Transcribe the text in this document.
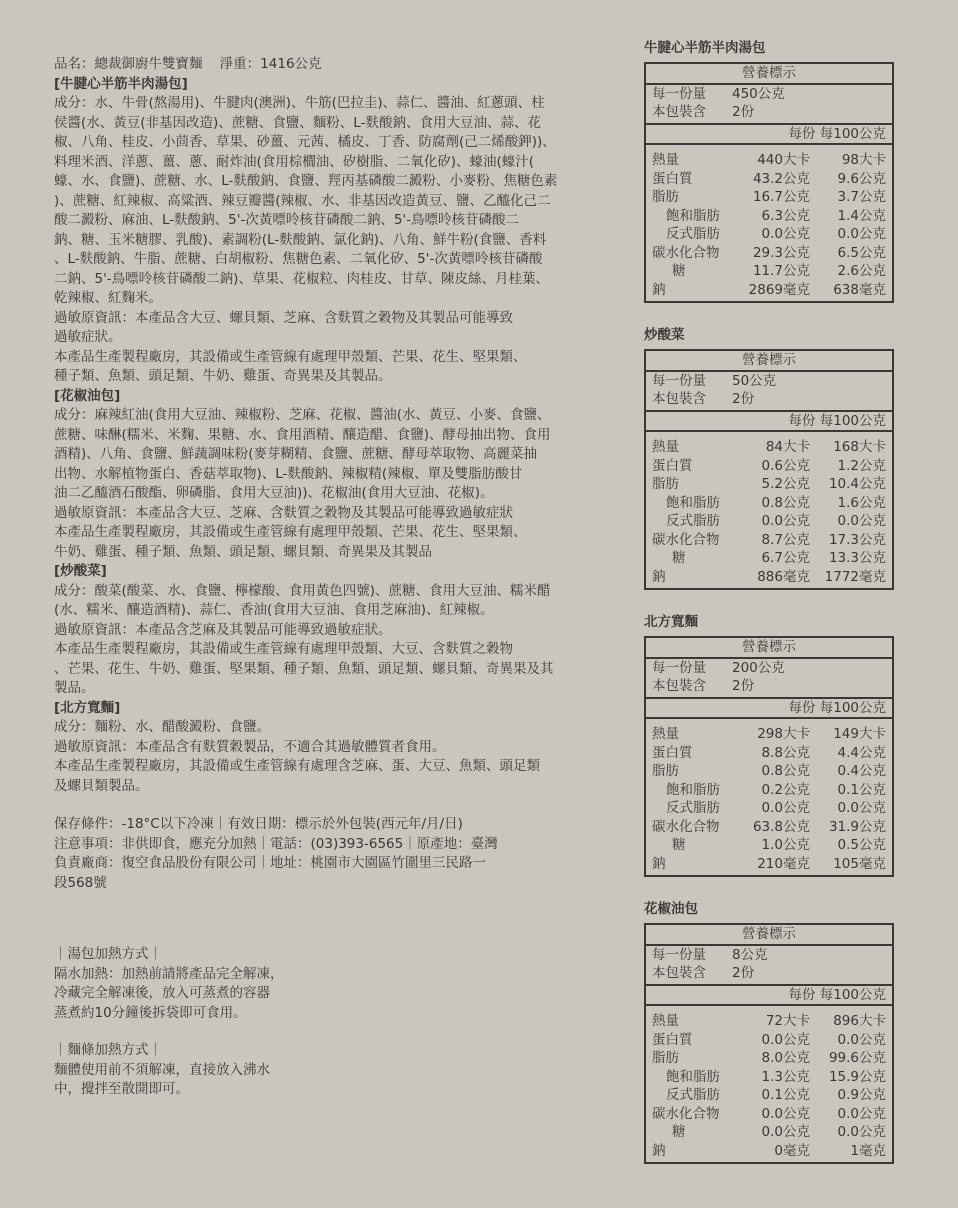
品名：總裁御廚牛雙寶麵 淨重：1416公克

[牛腱心半筋半肉湯包]

成分：水、牛骨(熬湯用)、牛腱肉(澳洲)、牛筋(巴拉圭)、蒜仁、醬油、紅蔥頭、柱

侯醬(水、黃豆(非基因改造)、蔗糖、食鹽、麵粉、L-麩酸鈉、食用大豆油、蒜、花

椒、八角、桂皮、小茴香、草果、砂薑、元茜、橘皮、丁香、防腐劑(己二烯酸鉀))、

料理米酒、洋蔥、薑、蔥、耐炸油(食用棕櫚油、矽樹脂、二氧化矽)、蠔油(蠔汁(

蠔、水、食鹽)、蔗糖、水、L-麩酸鈉、食鹽、羥丙基磷酸二澱粉、小麥粉、焦糖色素

)、蔗糖、紅辣椒、高粱酒、辣豆瓣醬(辣椒、水、非基因改造黃豆、鹽、乙醯化己二

酸二澱粉、麻油、L-麩酸鈉、5'-次黃嘌呤核苷磷酸二鈉、5'-鳥嘌呤核苷磷酸二

鈉、糖、玉米糖膠、乳酸)、素調粉(L-麩酸鈉、氯化鈉)、八角、鮮牛粉(食鹽、香料

、L-麩酸鈉、牛脂、蔗糖、白胡椒粉、焦糖色素、二氧化矽、5'-次黃嘌呤核苷磷酸

二鈉、5'-鳥嘌呤核苷磷酸二鈉)、草果、花椒粒、肉桂皮、甘草、陳皮絲、月桂葉、

乾辣椒、紅麴米。

過敏原資訊：本產品含大豆、螺貝類、芝麻、含麩質之穀物及其製品可能導致

過敏症狀。

本產品生產製程廠房，其設備或生產管線有處理甲殼類、芒果、花生、堅果類、

種子類、魚類、頭足類、牛奶、雞蛋、奇異果及其製品。

[花椒油包]

成分：麻辣紅油(食用大豆油、辣椒粉、芝麻、花椒、醬油(水、黃豆、小麥、食鹽、

蔗糖、味醂(糯米、米麴、果糖、水、食用酒精、釀造醋、食鹽)、酵母抽出物、食用

酒精)、八角、食鹽、鮮蔬調味粉(麥芽糊精、食鹽、蔗糖、酵母萃取物、高麗菜抽

出物、水解植物蛋白、香菇萃取物)、L-麩酸鈉、辣椒精(辣椒、單及雙脂肪酸甘

油二乙醯酒石酸酯、卵磷脂、食用大豆油))、花椒油(食用大豆油、花椒)。

過敏原資訊：本產品含大豆、芝麻、含麩質之穀物及其製品可能導致過敏症狀

本產品生產製程廠房，其設備或生產管線有處理甲殼類、芒果、花生、堅果類、

牛奶、雞蛋、種子類、魚類、頭足類、螺貝類、奇異果及其製品

[炒酸菜]

成分：酸菜(酸菜、水、食鹽、檸檬酸、食用黃色四號)、蔗糖、食用大豆油、糯米醋

(水、糯米、釀造酒精)、蒜仁、香油(食用大豆油、食用芝麻油)、紅辣椒。

過敏原資訊：本產品含芝麻及其製品可能導致過敏症狀。

本產品生產製程廠房，其設備或生產管線有處理甲殼類、大豆、含麩質之穀物

、芒果、花生、牛奶、雞蛋、堅果類、種子類、魚類、頭足類、螺貝類、奇異果及其

製品。

[北方寬麵]

成分：麵粉、水、醋酸澱粉、食鹽。

過敏原資訊：本產品含有麩質穀製品，不適合其過敏體質者食用。

本產品生產製程廠房，其設備或生產管線有處理含芝麻、蛋、大豆、魚類、頭足類

及螺貝類製品。

保存條件：-18°C以下冷凍｜有效日期：標示於外包裝(西元年/月/日)

注意事項：非供即食，應充分加熱｜電話：(03)393-6565｜原產地：臺灣

負責廠商：復空食品股份有限公司｜地址：桃園市大園區竹圍里三民路一

段568號

｜湯包加熱方式｜

隔水加熱：加熱前請將產品完全解凍，

冷藏完全解凍後，放入可蒸煮的容器

蒸煮約10分鐘後拆袋即可食用。

｜麵條加熱方式｜

麵體使用前不須解凍，直接放入沸水

中，攪拌至散開即可。

牛腱心半筋半肉湯包
營養標示
每一份量	450公克
本包裝含	2份
每份 每100公克
熱量	440大卡	98大卡
蛋白質	43.2公克	9.6公克
脂肪	16.7公克	3.7公克
飽和脂肪	6.3公克	1.4公克
反式脂肪	0.0公克	0.0公克
碳水化合物	29.3公克	6.5公克
糖	11.7公克	2.6公克
鈉	2869毫克	638毫克
炒酸菜
營養標示
每一份量	50公克
本包裝含	2份
每份 每100公克
熱量	84大卡	168大卡
蛋白質	0.6公克	1.2公克
脂肪	5.2公克	10.4公克
飽和脂肪	0.8公克	1.6公克
反式脂肪	0.0公克	0.0公克
碳水化合物	8.7公克	17.3公克
糖	6.7公克	13.3公克
鈉	886毫克	1772毫克
北方寬麵
營養標示
每一份量	200公克
本包裝含	2份
每份 每100公克
熱量	298大卡	149大卡
蛋白質	8.8公克	4.4公克
脂肪	0.8公克	0.4公克
飽和脂肪	0.2公克	0.1公克
反式脂肪	0.0公克	0.0公克
碳水化合物	63.8公克	31.9公克
糖	1.0公克	0.5公克
鈉	210毫克	105毫克
花椒油包
營養標示
每一份量	8公克
本包裝含	2份
每份 每100公克
熱量	72大卡	896大卡
蛋白質	0.0公克	0.0公克
脂肪	8.0公克	99.6公克
飽和脂肪	1.3公克	15.9公克
反式脂肪	0.1公克	0.9公克
碳水化合物	0.0公克	0.0公克
糖	0.0公克	0.0公克
鈉	0毫克	1毫克
